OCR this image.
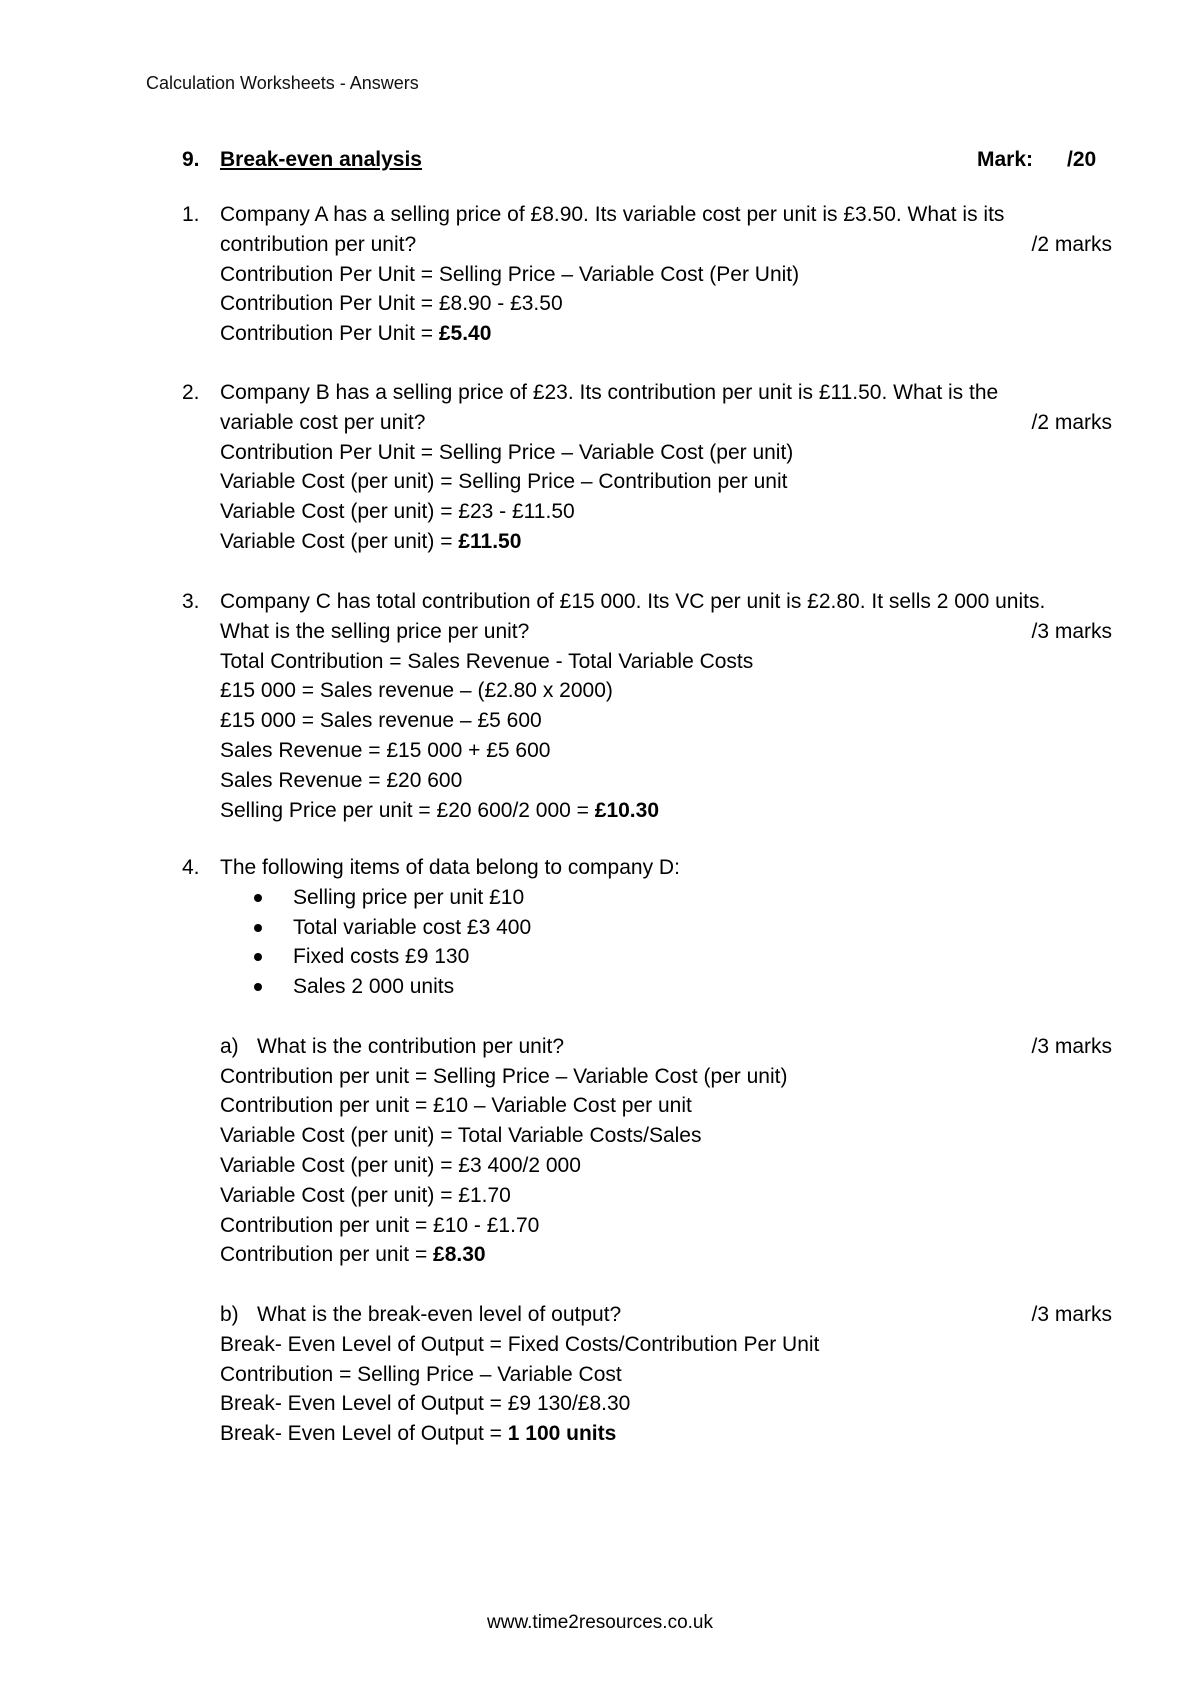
Calculation Worksheets - Answers
9. Break-even analysis	Mark: /20
1. Company A has a selling price of £8.90. Its variable cost per unit is £3.50. What is its
contribution per unit?	/2 marks
Contribution Per Unit = Selling Price – Variable Cost (Per Unit)
Contribution Per Unit = £8.90 - £3.50
Contribution Per Unit = £5.40
2. Company B has a selling price of £23. Its contribution per unit is £11.50. What is the
variable cost per unit?	/2 marks
Contribution Per Unit = Selling Price – Variable Cost (per unit)
Variable Cost (per unit) = Selling Price – Contribution per unit
Variable Cost (per unit) = £23 - £11.50
Variable Cost (per unit) = £11.50
3. Company C has total contribution of £15 000. Its VC per unit is £2.80. It sells 2 000 units.
What is the selling price per unit?	/3 marks
Total Contribution = Sales Revenue - Total Variable Costs
£15 000 = Sales revenue – (£2.80 x 2000)
£15 000 = Sales revenue – £5 600
Sales Revenue = £15 000 + £5 600
Sales Revenue = £20 600
Selling Price per unit = £20 600/2 000 = £10.30
4. The following items of data belong to company D:
Selling price per unit £10
Total variable cost £3 400
Fixed costs £9 130
Sales 2 000 units
a) What is the contribution per unit?	/3 marks
Contribution per unit = Selling Price – Variable Cost (per unit)
Contribution per unit = £10 – Variable Cost per unit
Variable Cost (per unit) = Total Variable Costs/Sales
Variable Cost (per unit) = £3 400/2 000
Variable Cost (per unit) = £1.70
Contribution per unit = £10 - £1.70
Contribution per unit = £8.30
b) What is the break-even level of output?	/3 marks
Break- Even Level of Output = Fixed Costs/Contribution Per Unit
Contribution = Selling Price – Variable Cost
Break- Even Level of Output = £9 130/£8.30
Break- Even Level of Output = 1 100 units
www.time2resources.co.uk
